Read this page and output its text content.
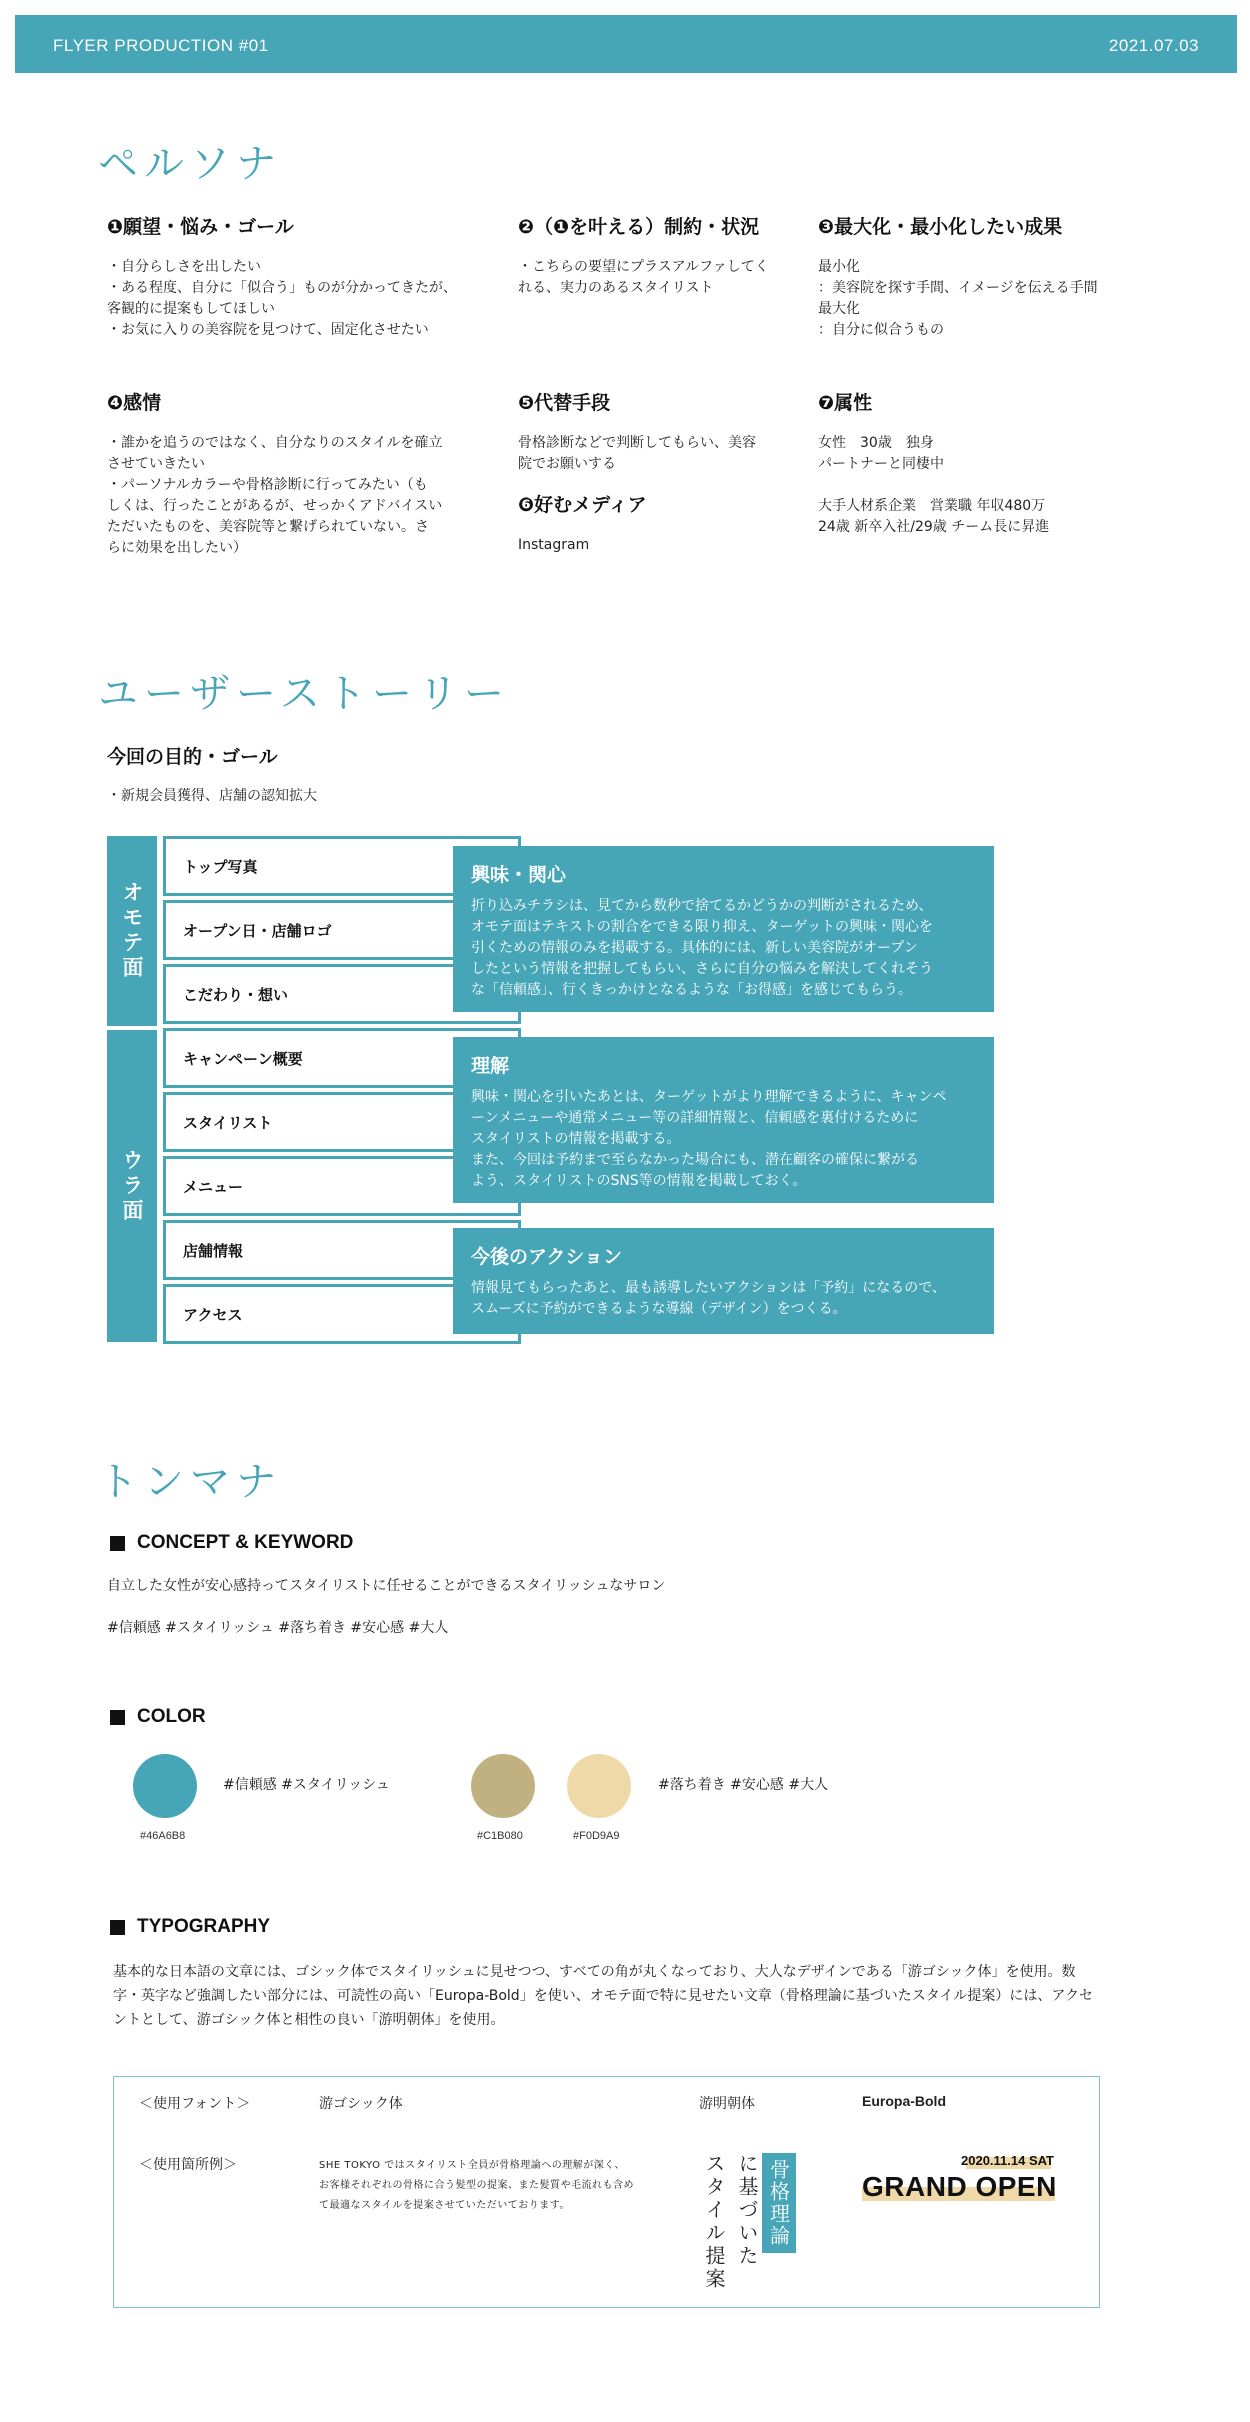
FLYER PRODUCTION #01	2021.07.03
ペルソナ
❶願望・悩み・ゴール
・自分らしさを出したい
・ある程度、自分に「似合う」ものが分かってきたが、
客観的に提案もしてほしい
・お気に入りの美容院を見つけて、固定化させたい
❷（❶を叶える）制約・状況
・こちらの要望にプラスアルファしてく
れる、実力のあるスタイリスト
❸最大化・最小化したい成果
最小化
：美容院を探す手間、イメージを伝える手間
最大化
：自分に似合うもの
❹感情
・誰かを追うのではなく、自分なりのスタイルを確立
させていきたい
・パーソナルカラーや骨格診断に行ってみたい（も
しくは、行ったことがあるが、せっかくアドバイスい
ただいたものを、美容院等と繋げられていない。さ
らに効果を出したい）
❺代替手段
骨格診断などで判断してもらい、美容
院でお願いする
❻好むメディア
Instagram
❼属性
女性　30歳　独身
パートナーと同棲中

大手人材系企業　営業職 年収480万
24歳 新卒入社/29歳 チーム長に昇進
ユーザーストーリー
今回の目的・ゴール
・新規会員獲得、店舗の認知拡大
オモテ面
ウラ面
トップ写真
オープン日・店舗ロゴ
こだわり・想い
キャンペーン概要
スタイリスト
メニュー
店舗情報
アクセス
興味・関心
折り込みチラシは、見てから数秒で捨てるかどうかの判断がされるため、
オモテ面はテキストの割合をできる限り抑え、ターゲットの興味・関心を
引くための情報のみを掲載する。具体的には、新しい美容院がオープン
したという情報を把握してもらい、さらに自分の悩みを解決してくれそう
な「信頼感」、行くきっかけとなるような「お得感」を感じてもらう。
理解
興味・関心を引いたあとは、ターゲットがより理解できるように、キャンペ
ーンメニューや通常メニュー等の詳細情報と、信頼感を裏付けるために
スタイリストの情報を掲載する。
また、今回は予約まで至らなかった場合にも、潜在顧客の確保に繋がる
よう、スタイリストのSNS等の情報を掲載しておく。
今後のアクション
情報見てもらったあと、最も誘導したいアクションは「予約」になるので、
スムーズに予約ができるような導線（デザイン）をつくる。
トンマナ
CONCEPT & KEYWORD
自立した女性が安心感持ってスタイリストに任せることができるスタイリッシュなサロン
#信頼感 #スタイリッシュ #落ち着き #安心感 #大人
COLOR
#46A6B8
#信頼感 #スタイリッシュ
#C1B080	#F0D9A9
#落ち着き #安心感 #大人
TYPOGRAPHY
基本的な日本語の文章には、ゴシック体でスタイリッシュに見せつつ、すべての角が丸くなっており、大人なデザインである「游ゴシック体」を使用。数字・英字など強調したい部分には、可読性の高い「Europa-Bold」を使い、オモテ面で特に見せたい文章（骨格理論に基づいたスタイル提案）には、アクセントとして、游ゴシック体と相性の良い「游明朝体」を使用。
＜使用フォント＞	游ゴシック体	游明朝体	Europa-Bold
＜使用箇所例＞	SHE TOKYO ではスタイリスト全員が骨格理論への理解が深く、お客様それぞれの骨格に合う髪型の提案、また髪質や毛流れも含めて最適なスタイルを提案させていただいております。	骨格理論
に基づいた
スタイル提案	2020.11.14 SAT
GRAND OPEN
